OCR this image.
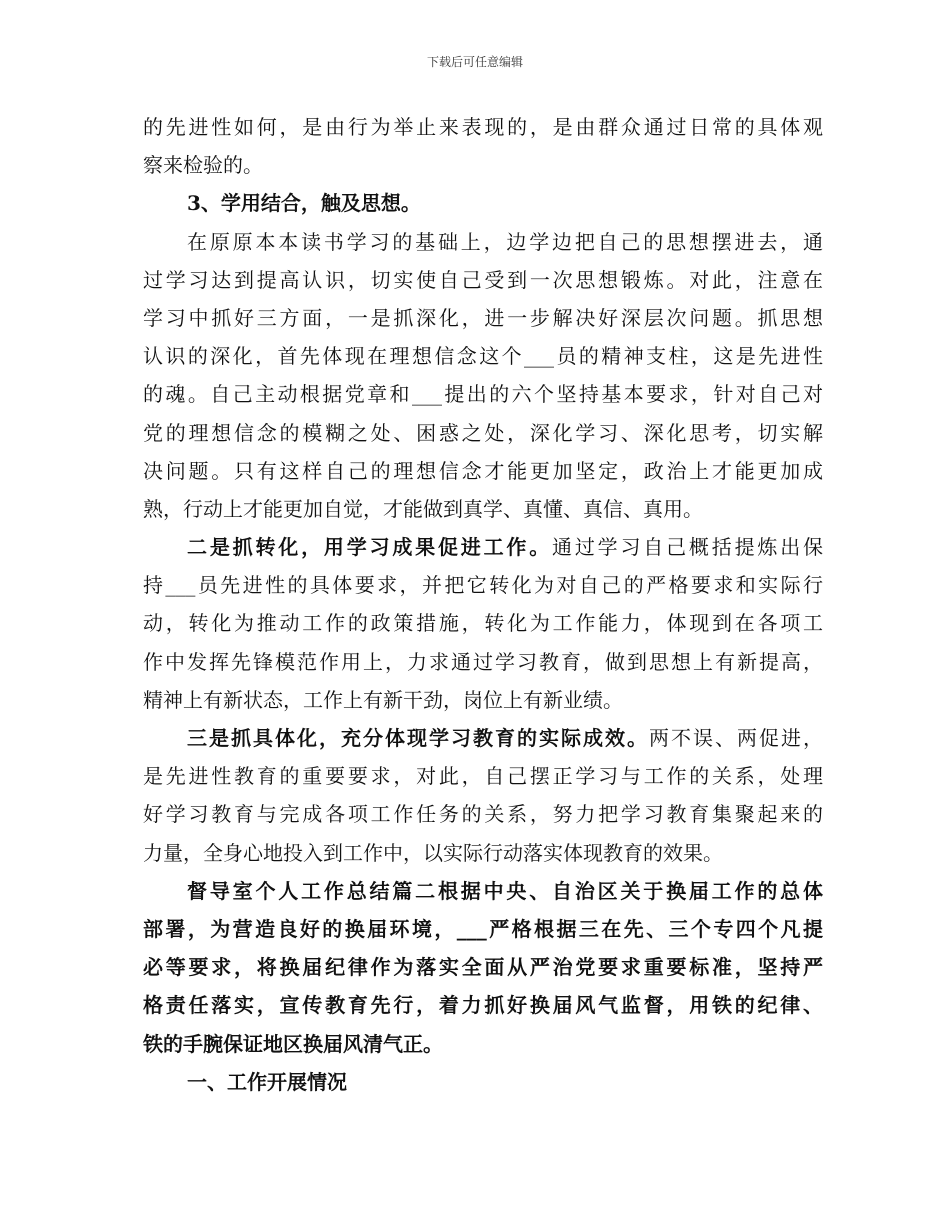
下载后可任意编辑
的先进性如何，是由行为举止来表现的，是由群众通过日常的具体观
察来检验的。
3、学用结合，触及思想。
在原原本本读书学习的基础上，边学边把自己的思想摆进去，通
过学习达到提高认识，切实使自己受到一次思想锻炼。对此，注意在
学习中抓好三方面，一是抓深化，进一步解决好深层次问题。抓思想
认识的深化，首先体现在理想信念这个___员的精神支柱，这是先进性
的魂。自己主动根据党章和___提出的六个坚持基本要求，针对自己对
党的理想信念的模糊之处、困惑之处，深化学习、深化思考，切实解
决问题。只有这样自己的理想信念才能更加坚定，政治上才能更加成
熟，行动上才能更加自觉，才能做到真学、真懂、真信、真用。
二是抓转化，用学习成果促进工作。通过学习自己概括提炼出保
持___员先进性的具体要求，并把它转化为对自己的严格要求和实际行
动，转化为推动工作的政策措施，转化为工作能力，体现到在各项工
作中发挥先锋模范作用上，力求通过学习教育，做到思想上有新提高，
精神上有新状态，工作上有新干劲，岗位上有新业绩。
三是抓具体化，充分体现学习教育的实际成效。两不误、两促进，
是先进性教育的重要要求，对此，自己摆正学习与工作的关系，处理
好学习教育与完成各项工作任务的关系，努力把学习教育集聚起来的
力量，全身心地投入到工作中，以实际行动落实体现教育的效果。
督导室个人工作总结篇二根据中央、自治区关于换届工作的总体
部署，为营造良好的换届环境，___严格根据三在先、三个专四个凡提
必等要求，将换届纪律作为落实全面从严治党要求重要标准，坚持严
格责任落实，宣传教育先行，着力抓好换届风气监督，用铁的纪律、
铁的手腕保证地区换届风清气正。
一、工作开展情况
